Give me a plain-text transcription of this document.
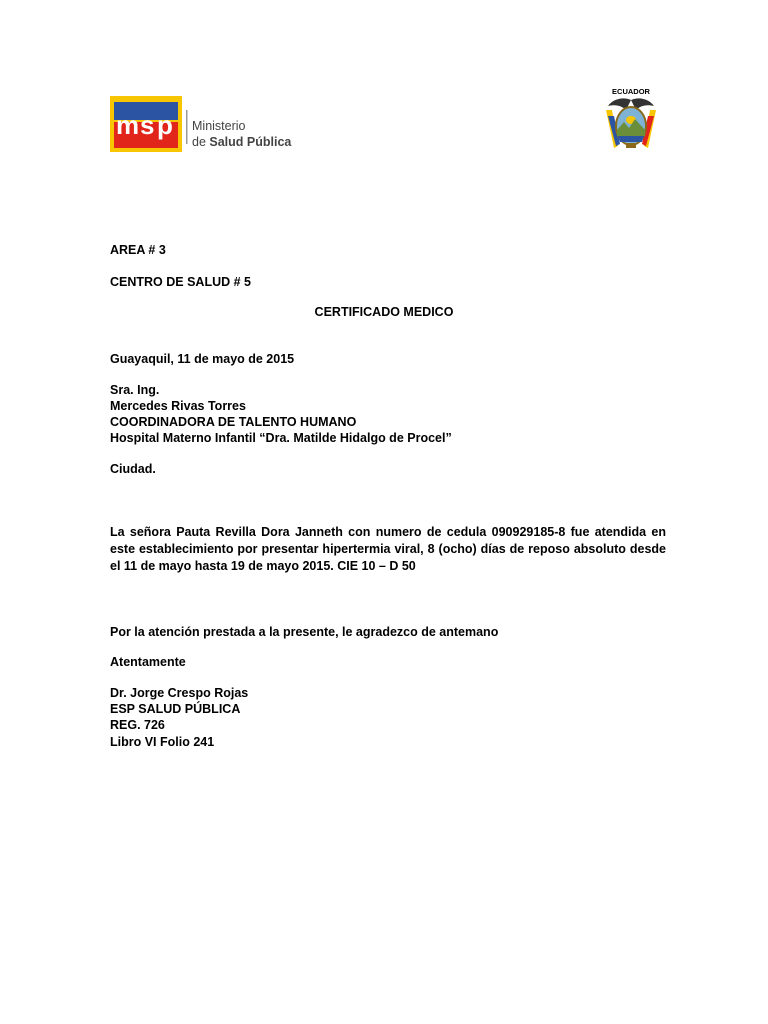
m s p Ministerio
de Salud Pública
ECUADOR
AREA # 3
CENTRO DE SALUD # 5
CERTIFICADO MEDICO
Guayaquil, 11 de mayo de 2015
Sra. Ing.
Mercedes Rivas Torres
COORDINADORA DE TALENTO HUMANO
Hospital Materno Infantil “Dra. Matilde Hidalgo de Procel”
Ciudad.
La señora Pauta Revilla Dora Janneth con numero de cedula 090929185-8 fue atendida en este establecimiento por presentar hipertermia viral, 8 (ocho) días de reposo absoluto desde el 11 de mayo hasta 19 de mayo 2015. CIE 10 – D 50
Por la atención prestada a la presente, le agradezco de antemano
Atentamente
Dr. Jorge Crespo Rojas
ESP SALUD PÚBLICA
REG. 726
Libro VI Folio 241
